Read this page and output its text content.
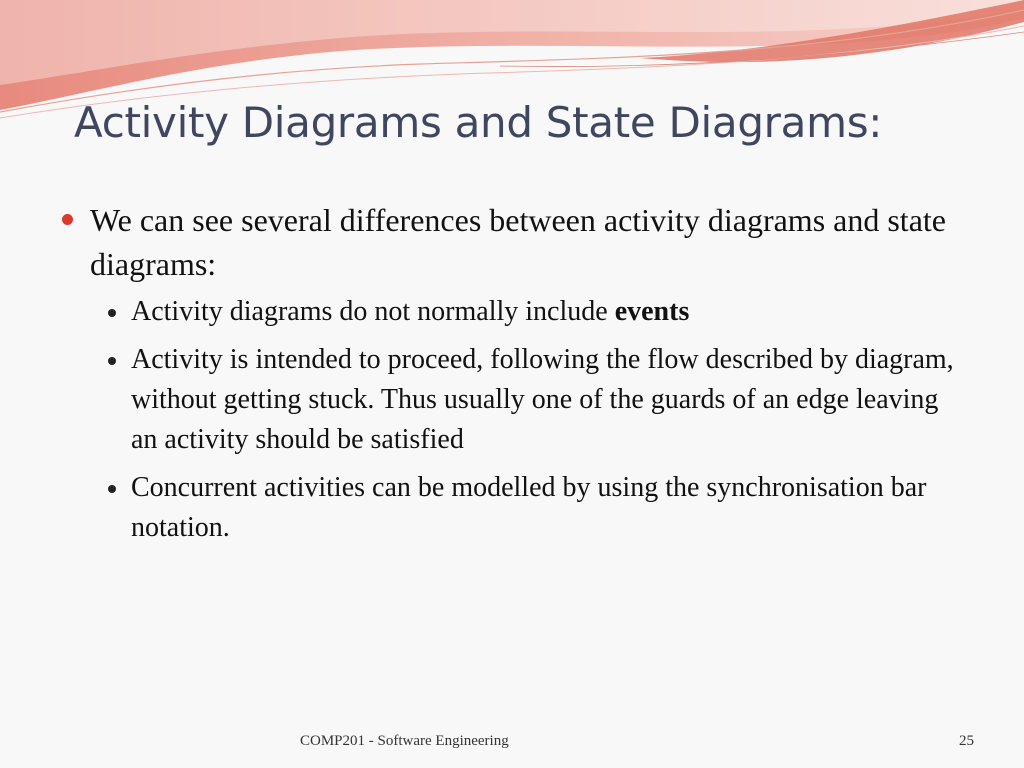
Activity Diagrams and State Diagrams:
We can see several differences between activity diagrams and state diagrams:
Activity diagrams do not normally include events
Activity is intended to proceed, following the flow described by diagram, without getting stuck. Thus usually one of the guards of an edge leaving an activity should be satisfied
Concurrent activities can be modelled by using the synchronisation bar notation.
COMP201 - Software Engineering	25
